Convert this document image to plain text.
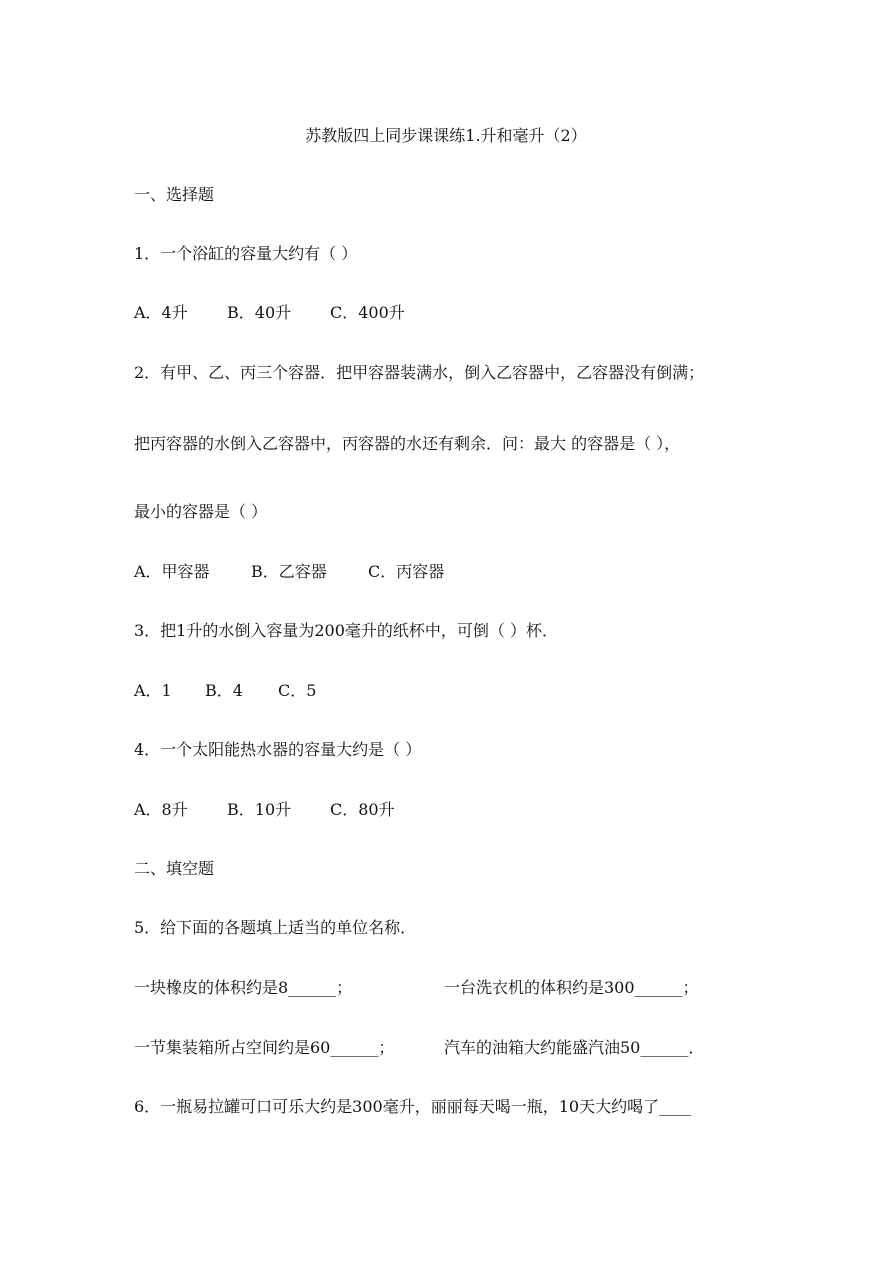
苏教版四上同步课课练1.升和毫升（2）
一、选择题
1．一个浴缸的容量大约有（ ）
A．4升 B．40升 C．400升
2．有甲、乙、丙三个容器．把甲容器装满水，倒入乙容器中，乙容器没有倒满；
把丙容器的水倒入乙容器中，丙容器的水还有剩余．问：最大 的容器是（ ），
最小的容器是（ ）
A．甲容器	B．乙容器	C．丙容器
3．把1升的水倒入容量为200毫升的纸杯中，可倒（ ）杯．
A．1 B．4 C．5
4．一个太阳能热水器的容量大约是（ ）
A．8升 B．10升 C．80升
二、填空题
5．给下面的各题填上适当的单位名称．
一块橡皮的体积约是8______；	一台洗衣机的体积约是300______；
一节集装箱所占空间约是60______；	汽车的油箱大约能盛汽油50______．
6．一瓶易拉罐可口可乐大约是300毫升，丽丽每天喝一瓶，10天大约喝了____
